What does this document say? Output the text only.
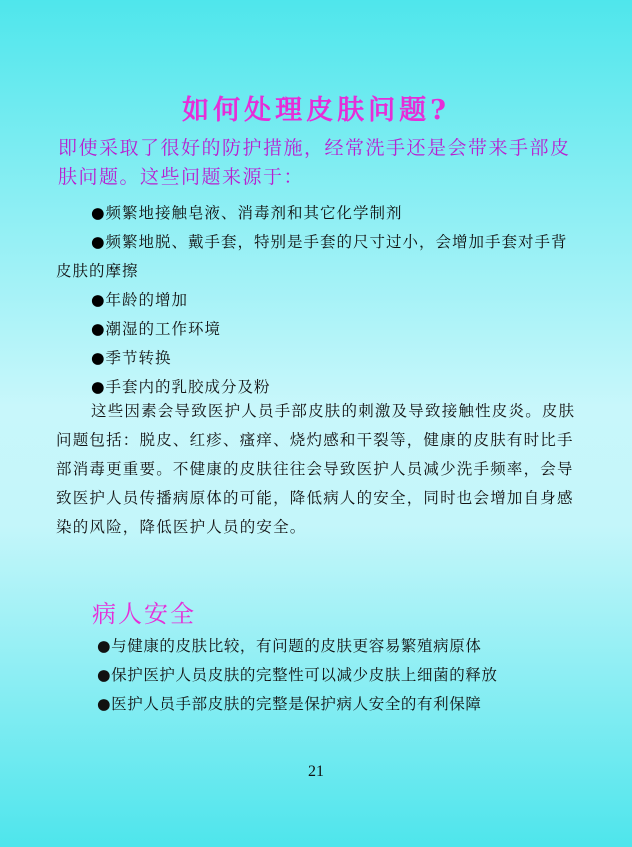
如何处理皮肤问题?
即使采取了很好的防护措施，经常洗手还是会带来手部皮肤问题。这些问题来源于：

●频繁地接触皂液、消毒剂和其它化学制剂

●频繁地脱、戴手套，特别是手套的尺寸过小，会增加手套对手背皮肤的摩擦

●年龄的增加

●潮湿的工作环境

●季节转换

●手套内的乳胶成分及粉

这些因素会导致医护人员手部皮肤的刺激及导致接触性皮炎。皮肤问题包括：脱皮、红疹、瘙痒、烧灼感和干裂等，健康的皮肤有时比手部消毒更重要。不健康的皮肤往往会导致医护人员减少洗手频率，会导致医护人员传播病原体的可能，降低病人的安全，同时也会增加自身感染的风险，降低医护人员的安全。
病人安全
●与健康的皮肤比较，有问题的皮肤更容易繁殖病原体
●保护医护人员皮肤的完整性可以减少皮肤上细菌的释放
●医护人员手部皮肤的完整是保护病人安全的有利保障
21
